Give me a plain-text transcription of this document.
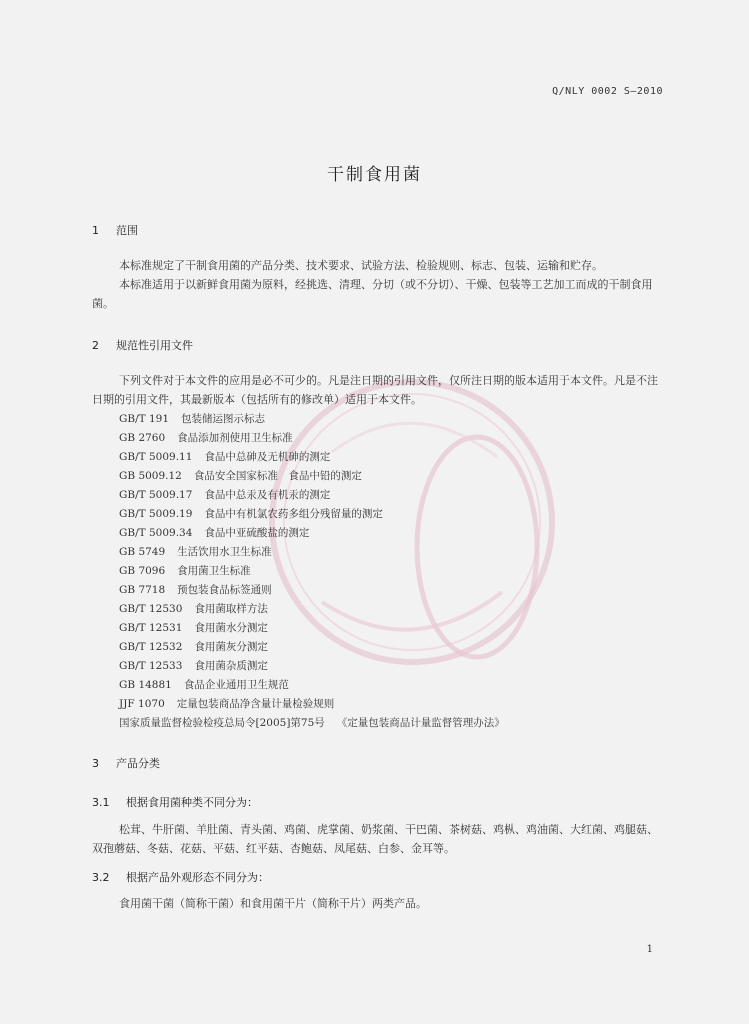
Q/NLY 0002 S—2010
干制食用菌
1 范围

本标准规定了干制食用菌的产品分类、技术要求、试验方法、检验规则、标志、包装、运输和贮存。

本标准适用于以新鲜食用菌为原料，经挑选、清理、分切（或不分切）、干燥、包装等工艺加工而成的干制食用菌。

2 规范性引用文件

下列文件对于本文件的应用是必不可少的。凡是注日期的引用文件，仅所注日期的版本适用于本文件。凡是不注日期的引用文件，其最新版本（包括所有的修改单）适用于本文件。

GB/T 191 包装储运图示标志
GB 2760 食品添加剂使用卫生标准
GB/T 5009.11 食品中总砷及无机砷的测定
GB 5009.12 食品安全国家标准　食品中铅的测定
GB/T 5009.17 食品中总汞及有机汞的测定
GB/T 5009.19 食品中有机氯农药多组分残留量的测定
GB/T 5009.34 食品中亚硫酸盐的测定
GB 5749 生活饮用水卫生标准
GB 7096 食用菌卫生标准
GB 7718 预包装食品标签通则
GB/T 12530 食用菌取样方法
GB/T 12531 食用菌水分测定
GB/T 12532 食用菌灰分测定
GB/T 12533 食用菌杂质测定
GB 14881 食品企业通用卫生规范
JJF 1070 定量包装商品净含量计量检验规则
国家质量监督检验检疫总局令[2005]第75号 《定量包装商品计量监督管理办法》
3 产品分类
3.1 根据食用菌种类不同分为：

松茸、牛肝菌、羊肚菌、青头菌、鸡菌、虎掌菌、奶浆菌、干巴菌、茶树菇、鸡枞、鸡油菌、大红菌、鸡腿菇、双孢蘑菇、冬菇、花菇、平菇、红平菇、杏鲍菇、凤尾菇、白参、金耳等。

3.2 根据产品外观形态不同分为：

食用菌干菌（简称干菌）和食用菌干片（简称干片）两类产品。

1
